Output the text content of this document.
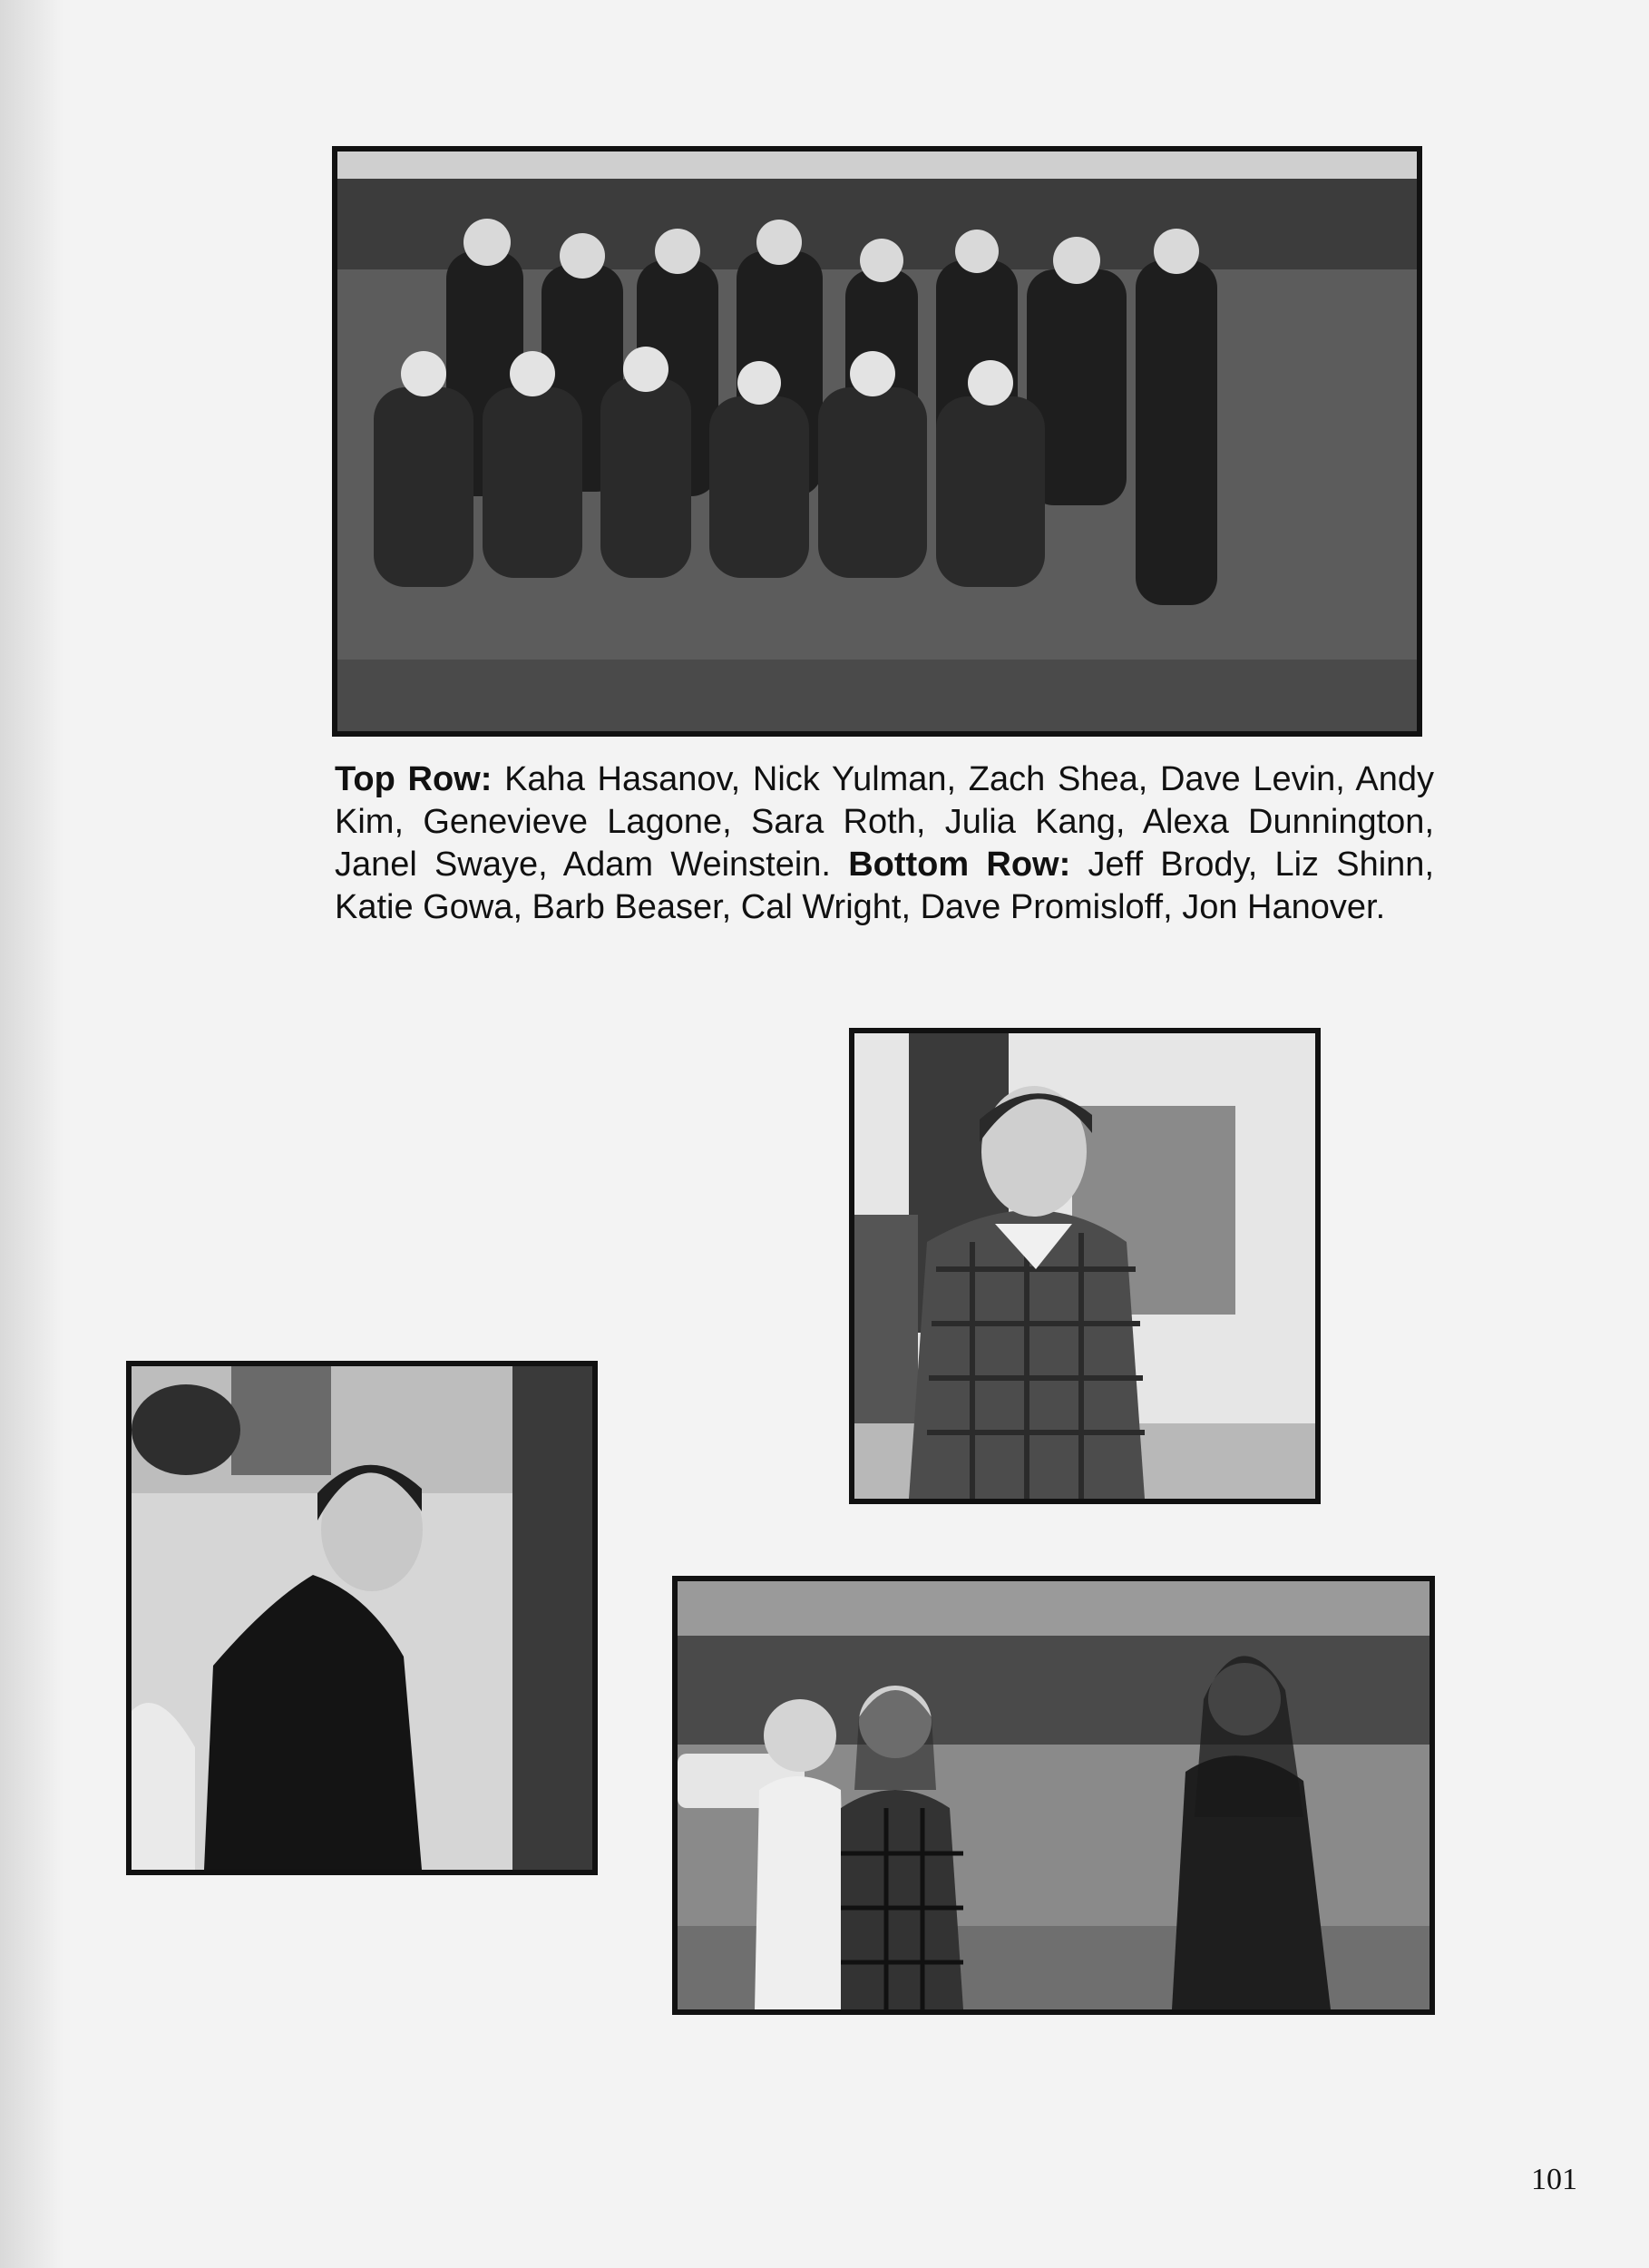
Top Row: Kaha Hasanov, Nick Yulman, Zach Shea, Dave Levin, Andy Kim, Genevieve Lagone, Sara Roth, Julia Kang, Alexa Dunnington, Janel Swaye, Adam Weinstein. Bottom Row: Jeff Brody, Liz Shinn, Katie Gowa, Barb Beaser, Cal Wright, Dave Promisloff, Jon Hanover.

101
